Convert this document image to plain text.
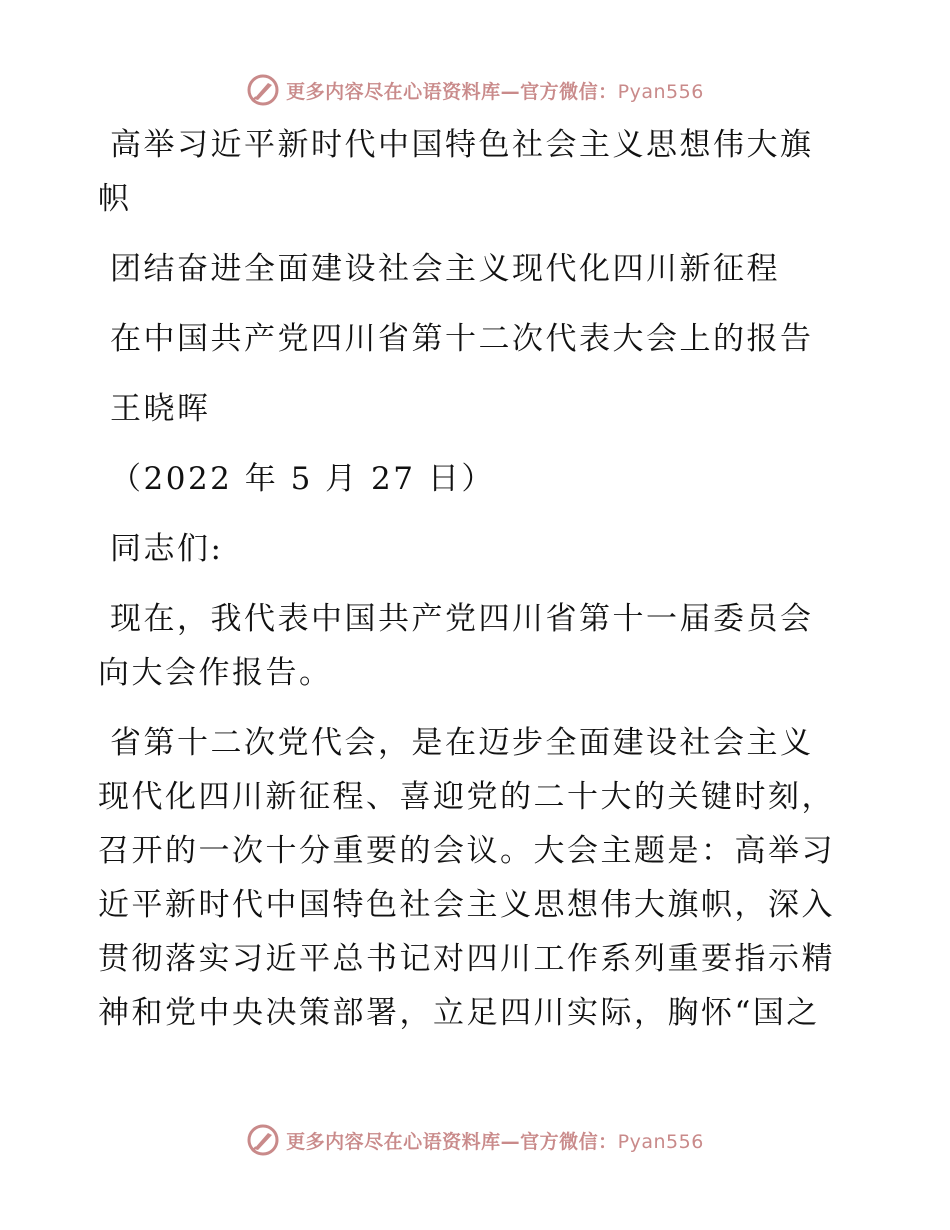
更多内容尽在心语资料库—官方微信：Pyan556

高举习近平新时代中国特色社会主义思想伟大旗

帜

团结奋进全面建设社会主义现代化四川新征程

在中国共产党四川省第十二次代表大会上的报告

王晓晖

（2022 年 5 月 27 日）

同志们:

现在，我代表中国共产党四川省第十一届委员会

向大会作报告。

省第十二次党代会，是在迈步全面建设社会主义

现代化四川新征程、喜迎党的二十大的关键时刻，

召开的一次十分重要的会议。大会主题是：高举习

近平新时代中国特色社会主义思想伟大旗帜，深入

贯彻落实习近平总书记对四川工作系列重要指示精

神和党中央决策部署，立足四川实际，胸怀“国之

更多内容尽在心语资料库—官方微信：Pyan556
